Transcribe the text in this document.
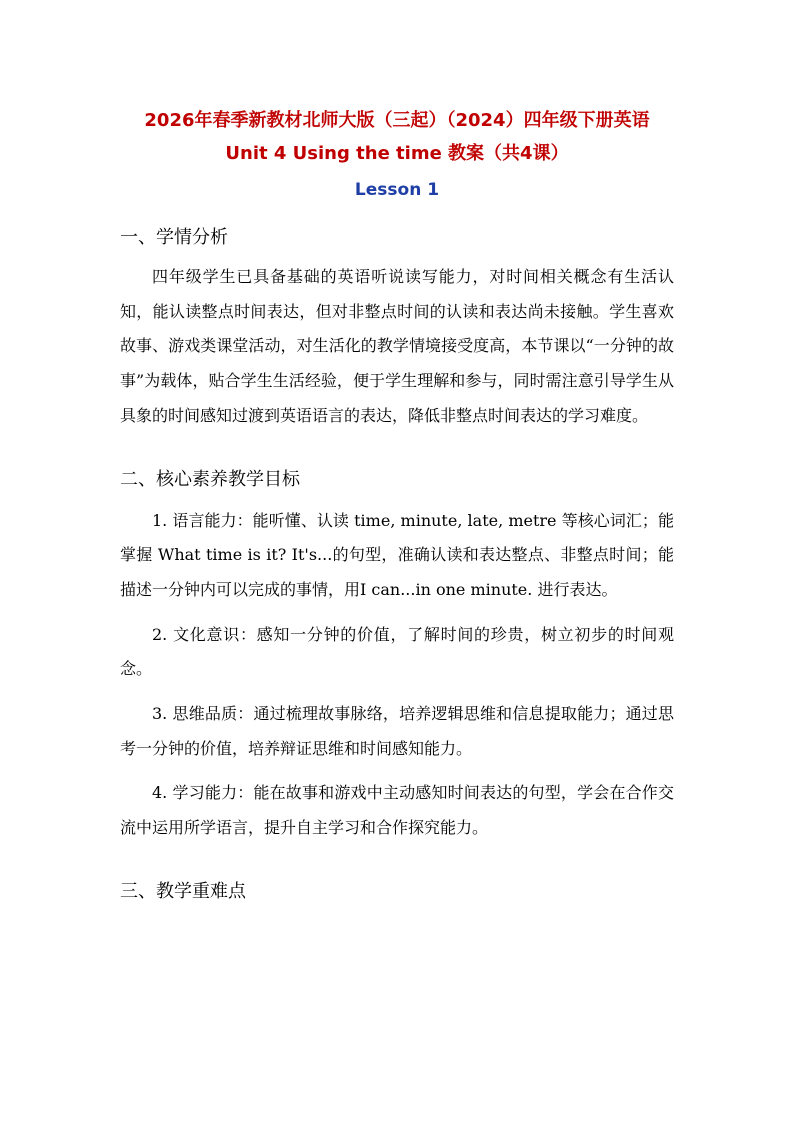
2026年春季新教材北师大版（三起）（2024）四年级下册英语
Unit 4 Using the time 教案（共4课）
Lesson 1
一、学情分析

四年级学生已具备基础的英语听说读写能力，对时间相关概念有生活认知，能认读整点时间表达，但对非整点时间的认读和表达尚未接触。学生喜欢故事、游戏类课堂活动，对生活化的教学情境接受度高，本节课以“一分钟的故事”为载体，贴合学生生活经验，便于学生理解和参与，同时需注意引导学生从具象的时间感知过渡到英语语言的表达，降低非整点时间表达的学习难度。

二、核心素养教学目标

1. 语言能力：能听懂、认读 time, minute, late, metre 等核心词汇；能掌握 What time is it? It's...的句型，准确认读和表达整点、非整点时间；能描述一分钟内可以完成的事情，用I can...in one minute. 进行表达。

2. 文化意识：感知一分钟的价值，了解时间的珍贵，树立初步的时间观念。

3. 思维品质：通过梳理故事脉络，培养逻辑思维和信息提取能力；通过思考一分钟的价值，培养辩证思维和时间感知能力。

4. 学习能力：能在故事和游戏中主动感知时间表达的句型，学会在合作交流中运用所学语言，提升自主学习和合作探究能力。

三、教学重难点
